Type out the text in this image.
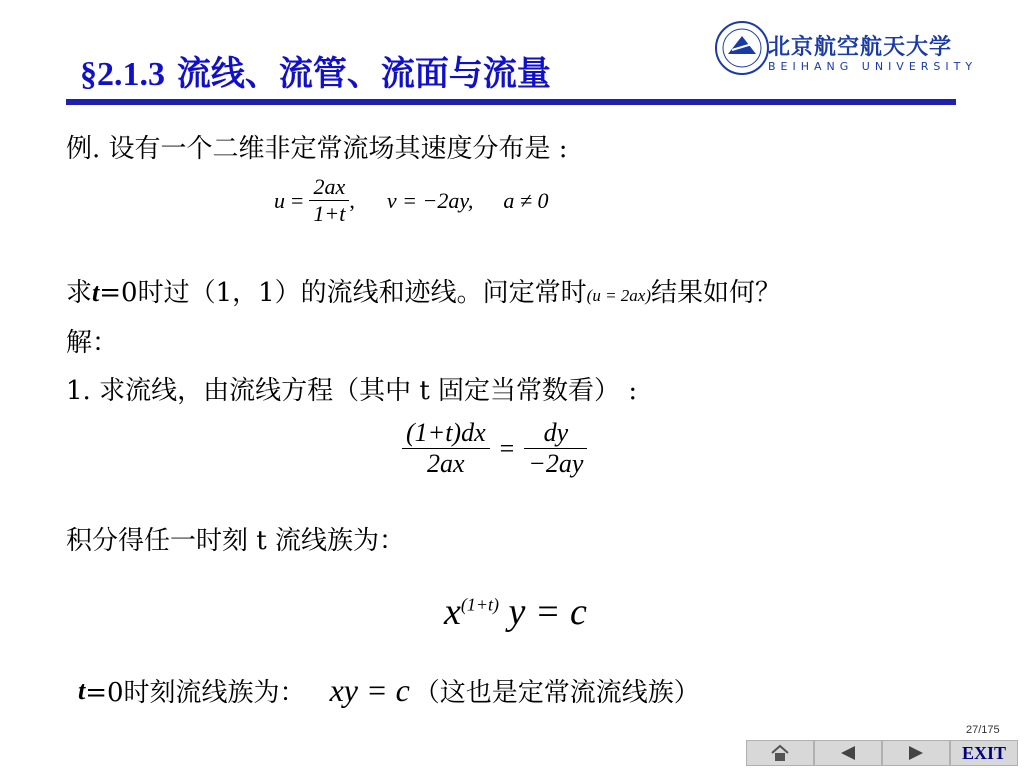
§2.1.3 流线、流管、流面与流量
北京航空航天大学
BEIHANG UNIVERSITY
例. 设有一个二维非定常流场其速度分布是 :
$u = \frac{2ax}{1+t}$ , v = −2ay, a ≠ 0
求 t =0时过（1，1）的流线和迹线。问定常时 (u = 2ax) 结果如何？
解：
1. 求流线，由流线方程（其中 t 固定当常数看） :
$\frac{(1+t)dx}{2ax} = \frac{dy}{-2ay}$
积分得任一时刻 t 流线族为：
$x^{(1+t)}$ y = c
t =0时刻流线族为： xy = c （这也是定常流流线族）
27/175
EXIT
